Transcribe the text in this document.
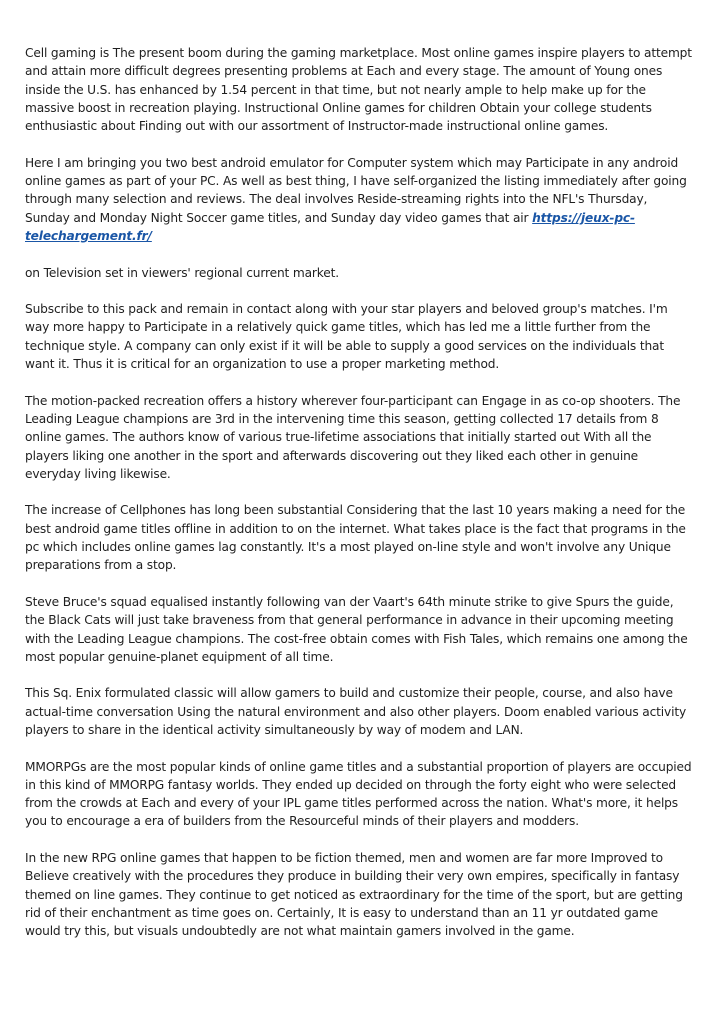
Cell gaming is The present boom during the gaming marketplace. Most online games inspire players to attempt and attain more difficult degrees presenting problems at Each and every stage. The amount of Young ones inside the U.S. has enhanced by 1.54 percent in that time, but not nearly ample to help make up for the massive boost in recreation playing. Instructional Online games for children Obtain your college students enthusiastic about Finding out with our assortment of Instructor-made instructional online games.

Here I am bringing you two best android emulator for Computer system which may Participate in any android online games as part of your PC. As well as best thing, I have self-organized the listing immediately after going through many selection and reviews. The deal involves Reside-streaming rights into the NFL's Thursday, Sunday and Monday Night Soccer game titles, and Sunday day video games that air https://jeux-pc-telechargement.fr/

on Television set in viewers' regional current market.

Subscribe to this pack and remain in contact along with your star players and beloved group's matches. I'm way more happy to Participate in a relatively quick game titles, which has led me a little further from the technique style. A company can only exist if it will be able to supply a good services on the individuals that want it. Thus it is critical for an organization to use a proper marketing method.

The motion-packed recreation offers a history wherever four-participant can Engage in as co-op shooters. The Leading League champions are 3rd in the intervening time this season, getting collected 17 details from 8 online games. The authors know of various true-lifetime associations that initially started out With all the players liking one another in the sport and afterwards discovering out they liked each other in genuine everyday living likewise.

The increase of Cellphones has long been substantial Considering that the last 10 years making a need for the best android game titles offline in addition to on the internet. What takes place is the fact that programs in the pc which includes online games lag constantly. It's a most played on-line style and won't involve any Unique preparations from a stop.

Steve Bruce's squad equalised instantly following van der Vaart's 64th minute strike to give Spurs the guide, the Black Cats will just take braveness from that general performance in advance in their upcoming meeting with the Leading League champions. The cost-free obtain comes with Fish Tales, which remains one among the most popular genuine-planet equipment of all time.

This Sq. Enix formulated classic will allow gamers to build and customize their people, course, and also have actual-time conversation Using the natural environment and also other players. Doom enabled various activity players to share in the identical activity simultaneously by way of modem and LAN.

MMORPGs are the most popular kinds of online game titles and a substantial proportion of players are occupied in this kind of MMORPG fantasy worlds. They ended up decided on through the forty eight who were selected from the crowds at Each and every of your IPL game titles performed across the nation. What's more, it helps you to encourage a era of builders from the Resourceful minds of their players and modders.

In the new RPG online games that happen to be fiction themed, men and women are far more Improved to Believe creatively with the procedures they produce in building their very own empires, specifically in fantasy themed on line games. They continue to get noticed as extraordinary for the time of the sport, but are getting rid of their enchantment as time goes on. Certainly, It is easy to understand than an 11 yr outdated game would try this, but visuals undoubtedly are not what maintain gamers involved in the game.
